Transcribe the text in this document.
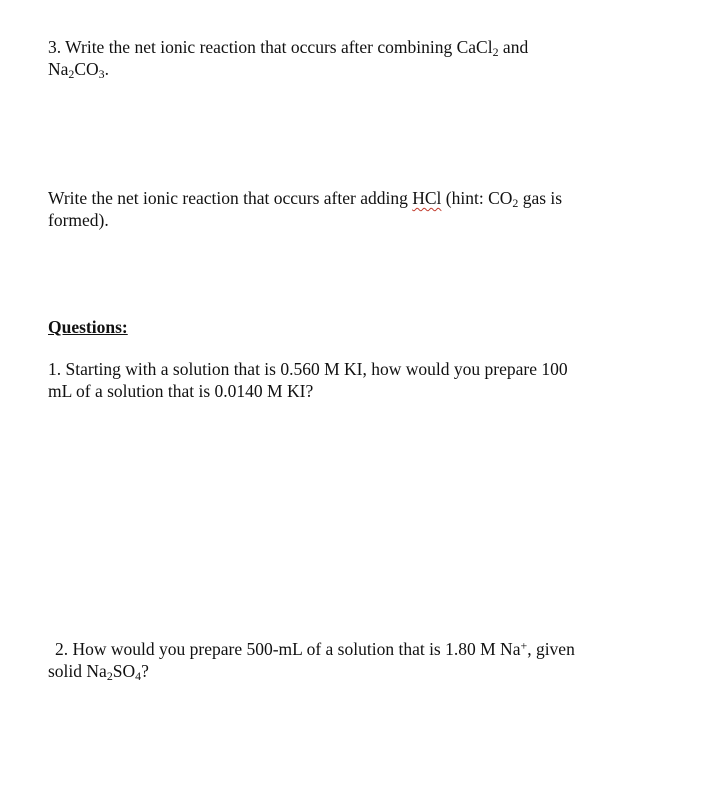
3. Write the net ionic reaction that occurs after combining CaCl$_2$ and
$Na_2CO_3$.
Write the net ionic reaction that occurs after adding HCl (hint: $CO_2$ gas is
formed).
Questions:
1. Starting with a solution that is 0.560 M KI, how would you prepare 100
mL of a solution that is 0.0140 M KI?
2. How would you prepare 500-mL of a solution that is 1.80 M Na+, given
solid $Na_2SO_4$?
